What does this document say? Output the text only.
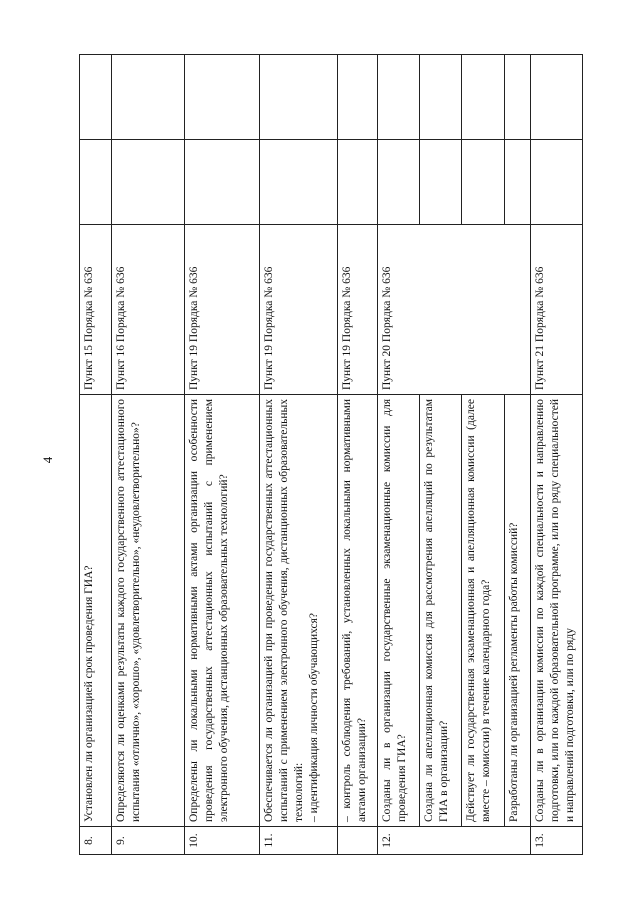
4
8.	Установлен ли организацией срок проведения ГИА?	Пункт 15 Порядка № 636		
9.	Определяются ли оценками результаты каждого государственного аттестационного испытания «отлично», «хорошо», «удовлетворительно», «неудовлетворительно»?	Пункт 16 Порядка № 636		
10.	Определены ли локальными нормативными актами организации особенности проведения государственных аттестационных испытаний с применением электронного обучения, дистанционных образовательных технологий?	Пункт 19 Порядка № 636		
11.	Обеспечивается ли организацией при проведении государственных аттестационных испытаний с применением электронного обучения, дистанционных образовательных технологий: – идентификация личности обучающихся?	Пункт 19 Порядка № 636		
	– контроль соблюдения требований, установленных локальными нормативными актами организации?	Пункт 19 Порядка № 636		
12.	Созданы ли в организации государственные экзаменационные комиссии для проведения ГИА?	Пункт 20 Порядка № 636		
	Создана ли апелляционная комиссия для рассмотрения апелляций по результатам ГИА в организации?			
	Действует ли государственная экзаменационная и апелляционная комиссии (далее вместе – комиссии) в течение календарного года?			
	Разработаны ли организацией регламенты работы комиссий?			
13.	Созданы ли в организации комиссии по каждой специальности и направлению подготовки, или по каждой образовательной программе, или по ряду специальностей и направлений подготовки, или по ряду	Пункт 21 Порядка № 636		
